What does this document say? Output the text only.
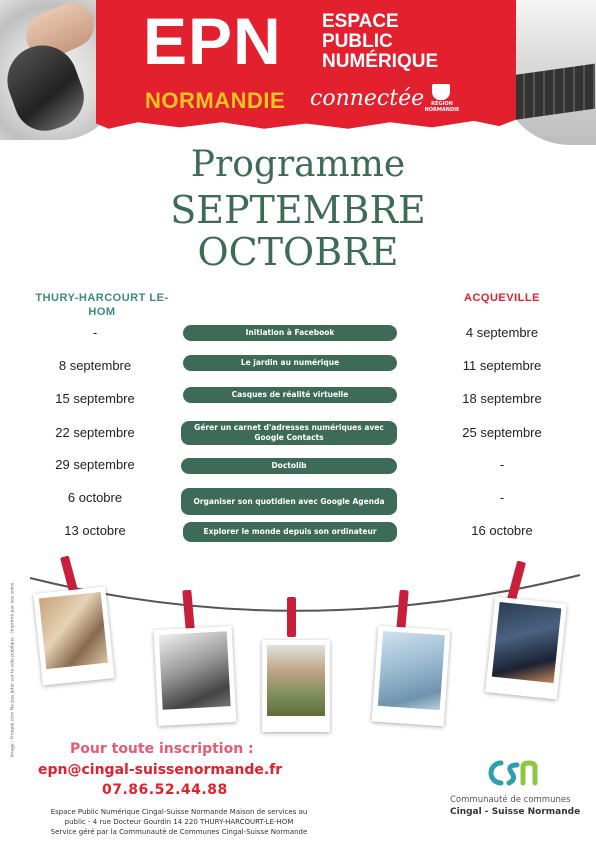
EPN ESPACE
PUBLIC
NUMÉRIQUE
NORMANDIE connectée	RÉGION NORMANDIE
Programme
SEPTEMBRE
OCTOBRE
THURY-HARCOURT LE-HOM
ACQUEVILLE
-	Initiation à Facebook	4 septembre
8 septembre	Le jardin au numérique	11 septembre
15 septembre	Casques de réalité virtuelle	18 septembre
22 septembre	Gérer un carnet d'adresses numériques avec Google Contacts	25 septembre
29 septembre	Doctolib	-
6 octobre	Organiser son quotidien avec Google Agenda	-
13 octobre	Explorer le monde depuis son ordinateur	16 octobre
Image : Freepik.com Ne pas jeter sur la voie publique - Imprimé par nos soins	Pour toute inscription :
epn@cingal-suissenormande.fr
07.86.52.44.88
Espace Public Numérique Cingal-Suisse Normande Maison de services au
public - 4 rue Docteur Gourdin 14 220 THURY-HARCOURT-LE-HOM
Service géré par la Communauté de Communes Cingal-Suisse Normande
Communauté de communes
Cingal - Suisse Normande
